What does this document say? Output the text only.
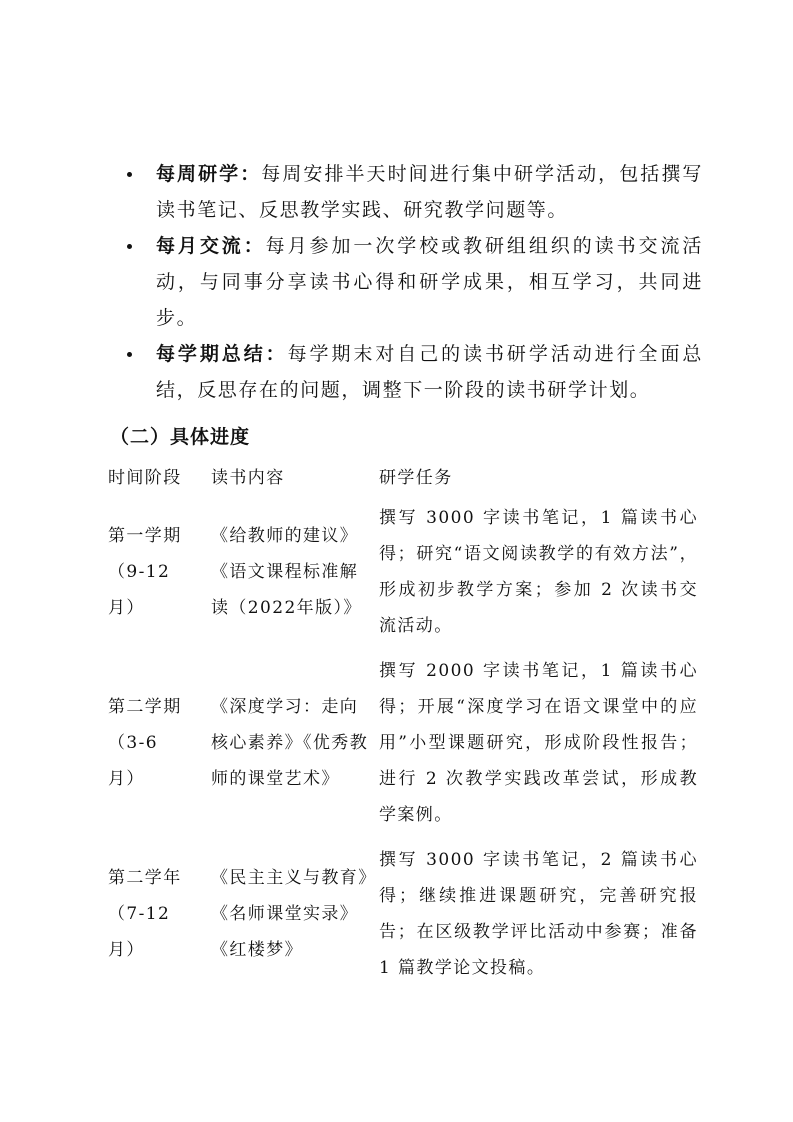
每周研学：每周安排半天时间进行集中研学活动，包括撰写读书笔记、反思教学实践、研究教学问题等。
每月交流：每月参加一次学校或教研组组织的读书交流活动，与同事分享读书心得和研学成果，相互学习，共同进步。
每学期总结：每学期末对自己的读书研学活动进行全面总结，反思存在的问题，调整下一阶段的读书研学计划。
（二）具体进度
时间阶段	读书内容	研学任务
第一学期
（9-12
月）	《给教师的建议》《语文课程标准解读（2022年版）》	撰写 3000 字读书笔记，1 篇读书心得；研究“语文阅读教学的有效方法”，形成初步教学方案；参加 2 次读书交流活动。
第二学期
（3-6
月）	《深度学习：走向核心素养》《优秀教师的课堂艺术》	撰写 2000 字读书笔记，1 篇读书心得；开展“深度学习在语文课堂中的应用”小型课题研究，形成阶段性报告；进行 2 次教学实践改革尝试，形成教学案例。
第二学年
（7-12
月）	《民主主义与教育》《名师课堂实录》《红楼梦》	撰写 3000 字读书笔记，2 篇读书心得；继续推进课题研究，完善研究报告；在区级教学评比活动中参赛；准备 1 篇教学论文投稿。
